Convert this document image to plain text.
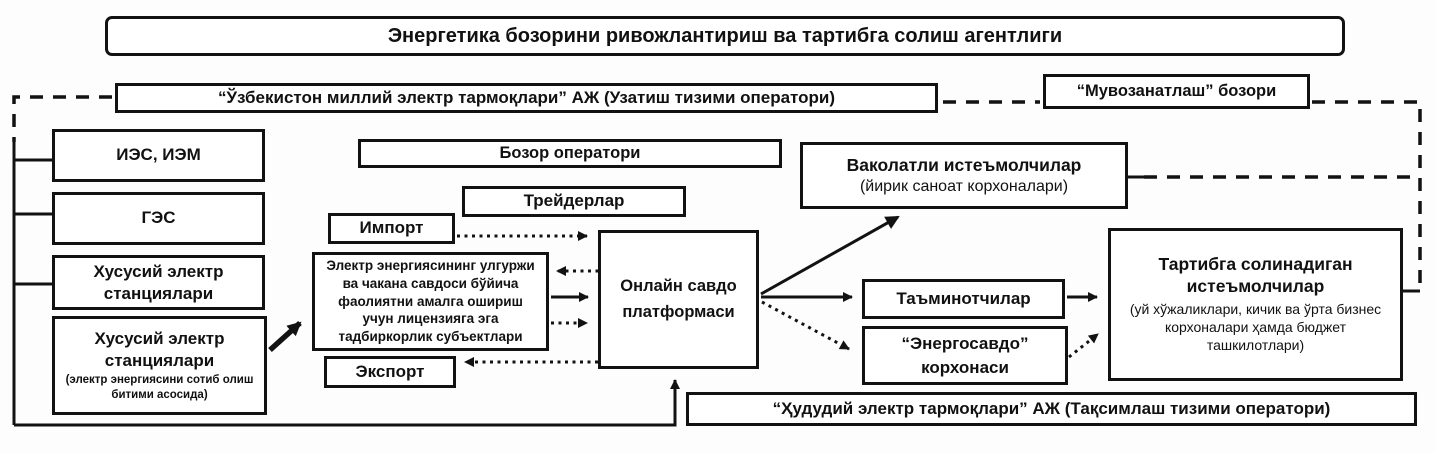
Энергетика бозорини ривожлантириш ва тартибга солиш агентлиги
“Ўзбекистон миллий электр тармоқлари” АЖ (Узатиш тизими оператори)	“Мувозанатлаш” бозори
ИЭС, ИЭМ
ГЭС
Хусусий электр станциялари
Хусусий электр станциялари
(электр энергиясини сотиб олиш битими асосида)
Бозор оператори
Трейдерлар
Импорт
Электр энергиясининг улгуржи ва чакана савдоси бўйича фаолиятни амалга ошириш учун лицензияга эга тадбиркорлик субъектлари
Экспорт
Онлайн савдо платформаси
Ваколатли истеъмолчилар
(йирик саноат корхоналари)
Таъминотчилар
“Энергосавдо” корхонаси
Тартибга солинадиган истеъмолчилар
(уй хўжаликлари, кичик ва ўрта бизнес корхоналари ҳамда бюджет ташкилотлари)
“Ҳудудий электр тармоқлари” АЖ (Тақсимлаш тизими оператори)
